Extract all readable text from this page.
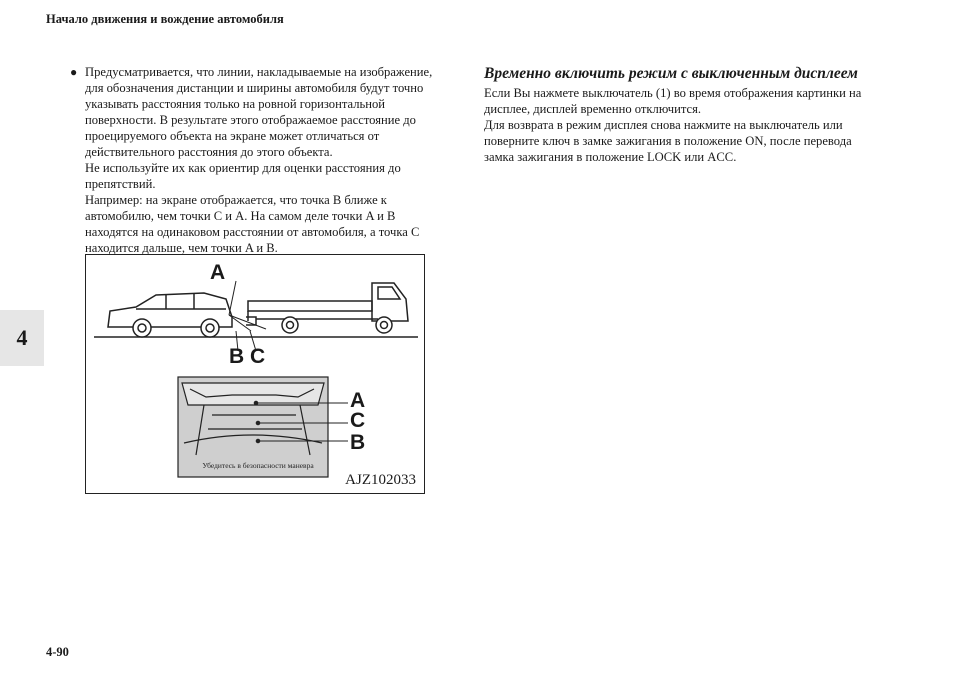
Начало движения и вождение автомобиля
4
4-90
● Предусматривается, что линии, накладываемые на изображение, для обозначения дистанции и ширины автомобиля будут точно указывать расстояния только на ровной горизонтальной поверхности. В результате этого отображаемое расстояние до проецируемого объекта на экране может отличаться от действительного расстояния до этого объекта.

Не используйте их как ориентир для оценки расстояния до препятствий.

Например: на экране отображается, что точка B ближе к автомобилю, чем точки C и A. На самом деле точки A и B находятся на одинаковом расстоянии от автомобиля, а точка C находится дальше, чем точки A и B.

Временно включить режим с выключенным дисплеем

Если Вы нажмете выключатель (1) во время отображения картинки на дисплее, дисплей временно отключится.

Для возврата в режим дисплея снова нажмите на выключатель или поверните ключ в замке зажигания в положение ON, после перевода замка зажигания в положение LOCK или ACC.

A
B C
A
C
B
Убедитесь в безопасности маневра
AJZ102033
